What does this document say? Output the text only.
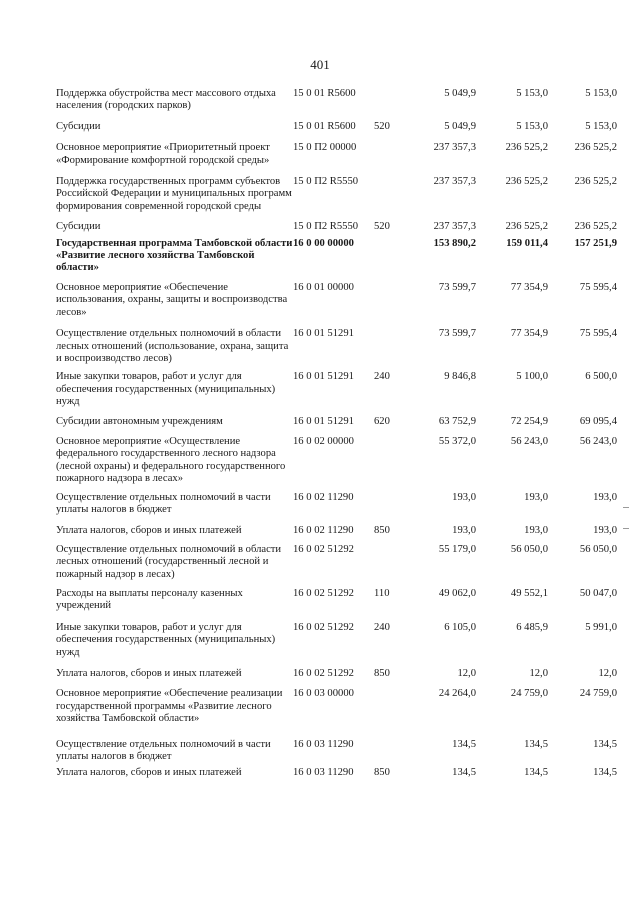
401
Поддержка обустройства мест массового отдыха населения (городских парков)	15 0 01 R5600		5 049,9	5 153,0	5 153,0
Субсидии	15 0 01 R5600	520	5 049,9	5 153,0	5 153,0
Основное мероприятие «Приоритетный проект «Формирование комфортной городской среды»	15 0 П2 00000		237 357,3	236 525,2	236 525,2
Поддержка государственных программ субъектов Российской Федерации и муниципальных программ формирования современной городской среды	15 0 П2 R5550		237 357,3	236 525,2	236 525,2
Субсидии	15 0 П2 R5550	520	237 357,3	236 525,2	236 525,2
Государственная программа Тамбовской области «Развитие лесного хозяйства Тамбовской области»	16 0 00 00000		153 890,2	159 011,4	157 251,9
Основное мероприятие «Обеспечение использования, охраны, защиты и воспроизводства лесов»	16 0 01 00000		73 599,7	77 354,9	75 595,4
Осуществление отдельных полномочий в области лесных отношений (использование, охрана, защита и воспроизводство лесов)	16 0 01 51291		73 599,7	77 354,9	75 595,4
Иные закупки товаров, работ и услуг для обеспечения государственных (муниципальных) нужд	16 0 01 51291	240	9 846,8	5 100,0	6 500,0
Субсидии автономным учреждениям	16 0 01 51291	620	63 752,9	72 254,9	69 095,4
Основное мероприятие «Осуществление федерального государственного лесного надзора (лесной охраны) и федерального государственного пожарного надзора в лесах»	16 0 02 00000		55 372,0	56 243,0	56 243,0
Осуществление отдельных полномочий в части уплаты налогов в бюджет	16 0 02 11290		193,0	193,0	193,0
Уплата налогов, сборов и иных платежей	16 0 02 11290	850	193,0	193,0	193,0
Осуществление отдельных полномочий в области лесных отношений (государственный лесной и пожарный надзор в лесах)	16 0 02 51292		55 179,0	56 050,0	56 050,0
Расходы на выплаты персоналу казенных учреждений	16 0 02 51292	110	49 062,0	49 552,1	50 047,0
Иные закупки товаров, работ и услуг для обеспечения государственных (муниципальных) нужд	16 0 02 51292	240	6 105,0	6 485,9	5 991,0
Уплата налогов, сборов и иных платежей	16 0 02 51292	850	12,0	12,0	12,0
Основное мероприятие «Обеспечение реализации государственной программы «Развитие лесного хозяйства Тамбовской области»	16 0 03 00000		24 264,0	24 759,0	24 759,0
Осуществление отдельных полномочий в части уплаты налогов в бюджет	16 0 03 11290		134,5	134,5	134,5
Уплата налогов, сборов и иных платежей	16 0 03 11290	850	134,5	134,5	134,5
